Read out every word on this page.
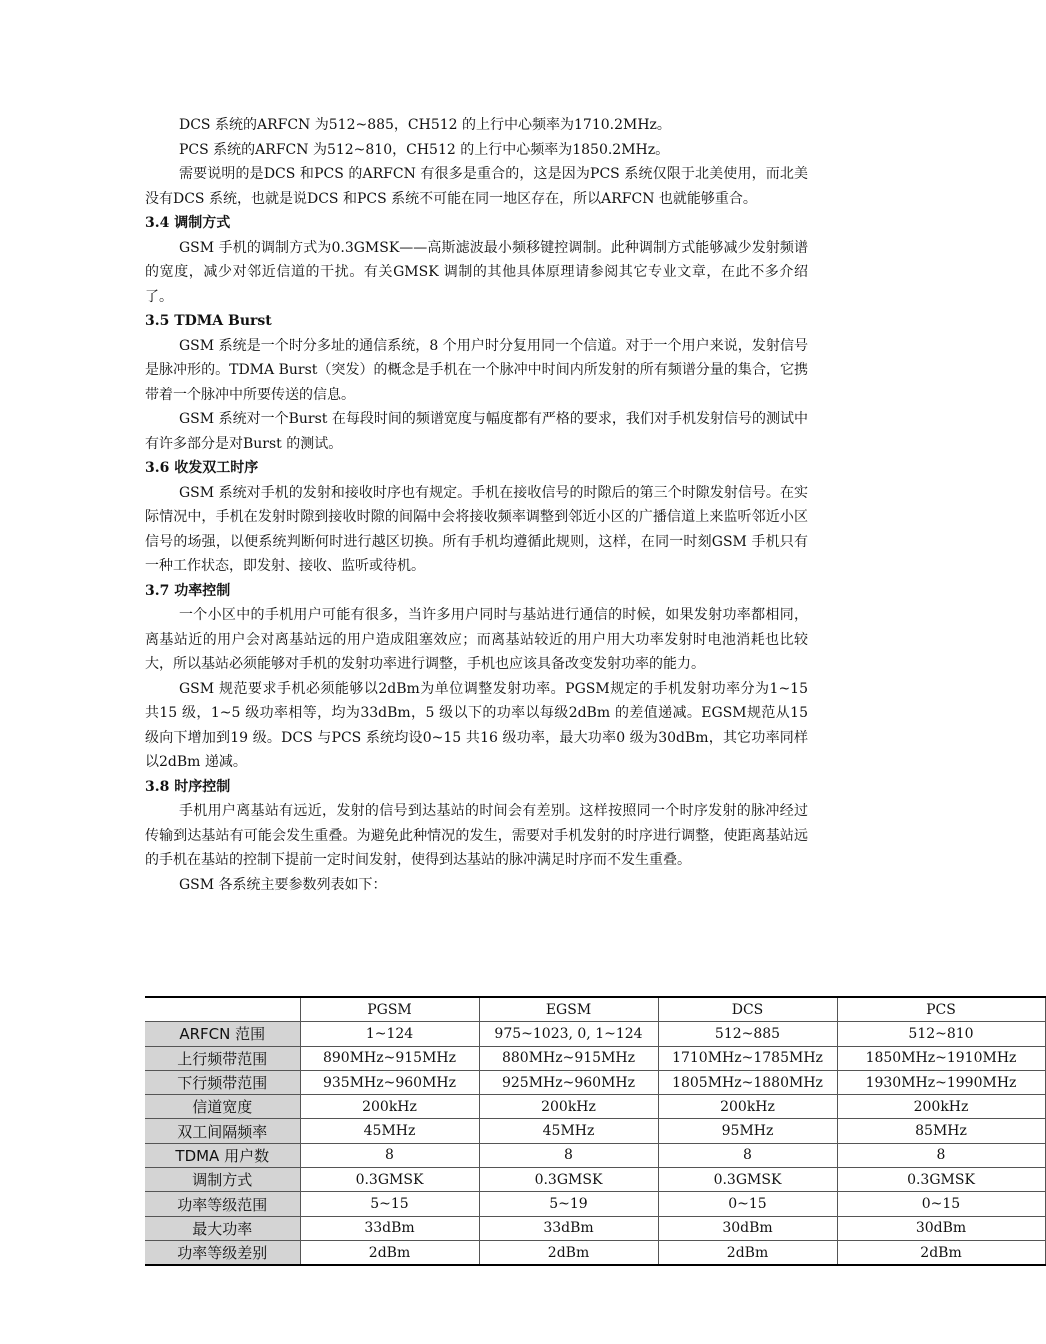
DCS 系统的ARFCN 为512~885，CH512 的上行中心频率为1710.2MHz。

PCS 系统的ARFCN 为512~810，CH512 的上行中心频率为1850.2MHz。

需要说明的是DCS 和PCS 的ARFCN 有很多是重合的，这是因为PCS 系统仅限于北美使用，而北美没有DCS 系统，也就是说DCS 和PCS 系统不可能在同一地区存在，所以ARFCN 也就能够重合。

3.4 调制方式

GSM 手机的调制方式为0.3GMSK——高斯滤波最小频移键控调制。此种调制方式能够减少发射频谱的宽度，减少对邻近信道的干扰。有关GMSK 调制的其他具体原理请参阅其它专业文章，在此不多介绍了。

3.5 TDMA Burst

GSM 系统是一个时分多址的通信系统，8 个用户时分复用同一个信道。对于一个用户来说，发射信号是脉冲形的。TDMA Burst（突发）的概念是手机在一个脉冲中时间内所发射的所有频谱分量的集合，它携带着一个脉冲中所要传送的信息。

GSM 系统对一个Burst 在每段时间的频谱宽度与幅度都有严格的要求，我们对手机发射信号的测试中有许多部分是对Burst 的测试。

3.6 收发双工时序

GSM 系统对手机的发射和接收时序也有规定。手机在接收信号的时隙后的第三个时隙发射信号。在实际情况中，手机在发射时隙到接收时隙的间隔中会将接收频率调整到邻近小区的广播信道上来监听邻近小区信号的场强，以便系统判断何时进行越区切换。所有手机均遵循此规则，这样，在同一时刻GSM 手机只有一种工作状态，即发射、接收、监听或待机。

3.7 功率控制

一个小区中的手机用户可能有很多，当许多用户同时与基站进行通信的时候，如果发射功率都相同，离基站近的用户会对离基站远的用户造成阻塞效应；而离基站较近的用户用大功率发射时电池消耗也比较大，所以基站必须能够对手机的发射功率进行调整，手机也应该具备改变发射功率的能力。

GSM 规范要求手机必须能够以2dBm为单位调整发射功率。PGSM规定的手机发射功率分为1~15 共15 级，1~5 级功率相等，均为33dBm，5 级以下的功率以每级2dBm 的差值递减。EGSM规范从15 级向下增加到19 级。DCS 与PCS 系统均设0~15 共16 级功率，最大功率0 级为30dBm，其它功率同样以2dBm 递减。

3.8 时序控制

手机用户离基站有远近，发射的信号到达基站的时间会有差别。这样按照同一个时序发射的脉冲经过传输到达基站有可能会发生重叠。为避免此种情况的发生，需要对手机发射的时序进行调整，使距离基站远的手机在基站的控制下提前一定时间发射，使得到达基站的脉冲满足时序而不发生重叠。

GSM 各系统主要参数列表如下：

	PGSM	EGSM	DCS	PCS
ARFCN 范围	1~124	975~1023, 0, 1~124	512~885	512~810
上行频带范围	890MHz~915MHz	880MHz~915MHz	1710MHz~1785MHz	1850MHz~1910MHz
下行频带范围	935MHz~960MHz	925MHz~960MHz	1805MHz~1880MHz	1930MHz~1990MHz
信道宽度	200kHz	200kHz	200kHz	200kHz
双工间隔频率	45MHz	45MHz	95MHz	85MHz
TDMA 用户数	8	8	8	8
调制方式	0.3GMSK	0.3GMSK	0.3GMSK	0.3GMSK
功率等级范围	5~15	5~19	0~15	0~15
最大功率	33dBm	33dBm	30dBm	30dBm
功率等级差别	2dBm	2dBm	2dBm	2dBm
